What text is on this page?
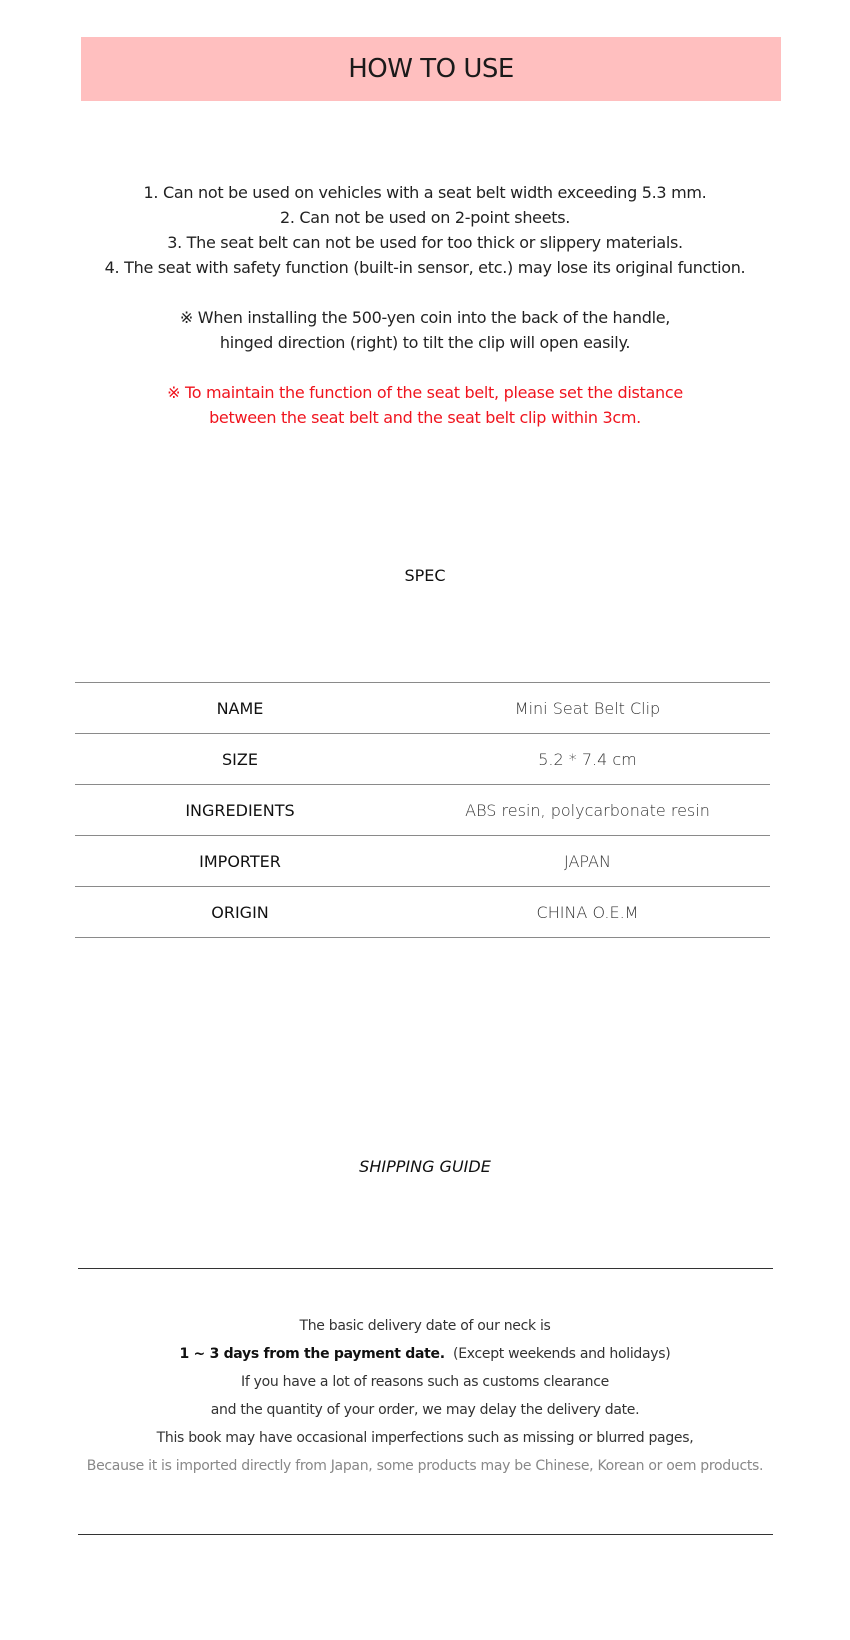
HOW TO USE

1. Can not be used on vehicles with a seat belt width exceeding 5.3 mm.

2. Can not be used on 2-point sheets.

3. The seat belt can not be used for too thick or slippery materials.

4. The seat with safety function (built-in sensor, etc.) may lose its original function.

※ When installing the 500-yen coin into the back of the handle,

hinged direction (right) to tilt the clip will open easily.

※ To maintain the function of the seat belt, please set the distance

between the seat belt and the seat belt clip within 3cm.

SPEC
NAME	Mini Seat Belt Clip
SIZE	5.2 * 7.4 cm
INGREDIENTS	ABS resin, polycarbonate resin
IMPORTER	JAPAN
ORIGIN	CHINA O.E.M
SHIPPING GUIDE

The basic delivery date of our neck is

1 ~ 3 days from the payment date. (Except weekends and holidays)

If you have a lot of reasons such as customs clearance

and the quantity of your order, we may delay the delivery date.

This book may have occasional imperfections such as missing or blurred pages,

Because it is imported directly from Japan, some products may be Chinese, Korean or oem products.
